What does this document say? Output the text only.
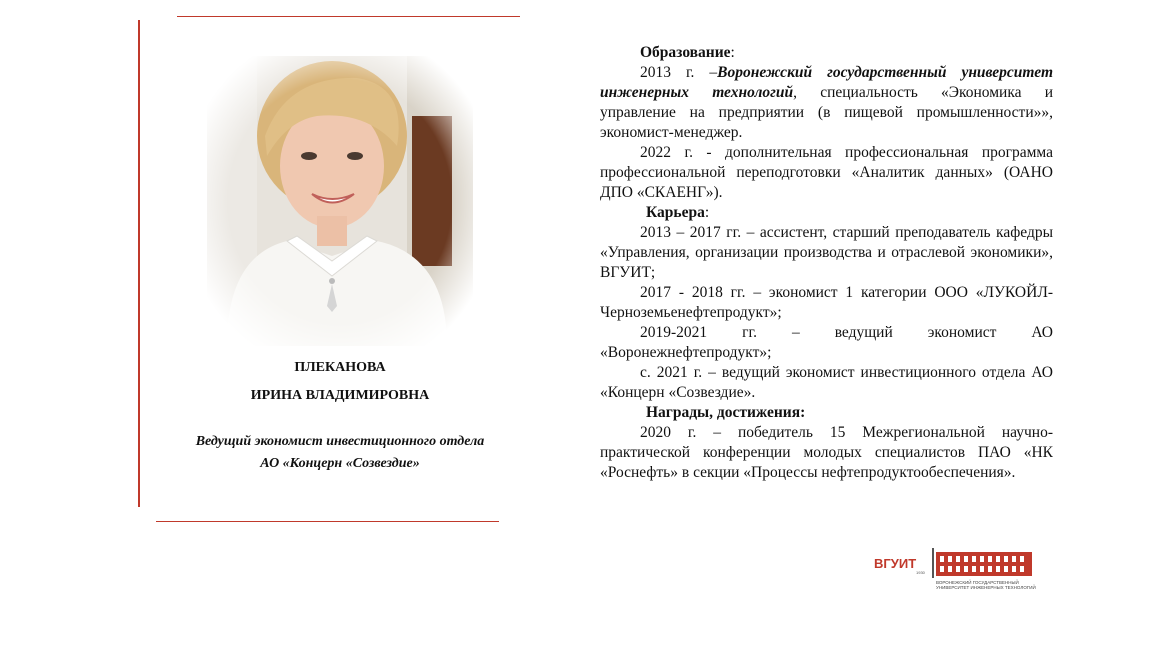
ПЛЕКАНОВА
ИРИНА ВЛАДИМИРОВНА
Ведущий экономист инвестиционного отдела
АО «Концерн «Созвездие»

Образование:

2013 г. –Воронежский государственный университет инженерных технологий, специальность «Экономика и управление на предприятии (в пищевой промышленности»», экономист-менеджер.

2022 г. - дополнительная профессиональная программа профессиональной переподготовки «Аналитик данных» (ОАНО ДПО «СКАЕНГ»).

Карьера:

2013 – 2017 гг. – ассистент, старший преподаватель кафедры «Управления, организации производства и отраслевой экономики», ВГУИТ;

2017 - 2018 гг. – экономист 1 категории ООО «ЛУКОЙЛ-Черноземьенефтепродукт»;

2019-2021 гг. – ведущий экономист АО «Воронежнефтепродукт»;

с. 2021 г. – ведущий экономист инвестиционного отдела АО «Концерн «Созвездие».

Награды, достижения:

2020 г. – победитель 15 Межрегиональной научно-практической конференции молодых специалистов ПАО «НК «Роснефть» в секции «Процессы нефтепродуктообеспечения».

ВГУИТ
1930
ВОРОНЕЖСКИЙ ГОСУДАРСТВЕННЫЙ УНИВЕРСИТЕТ ИНЖЕНЕРНЫХ ТЕХНОЛОГИЙ
